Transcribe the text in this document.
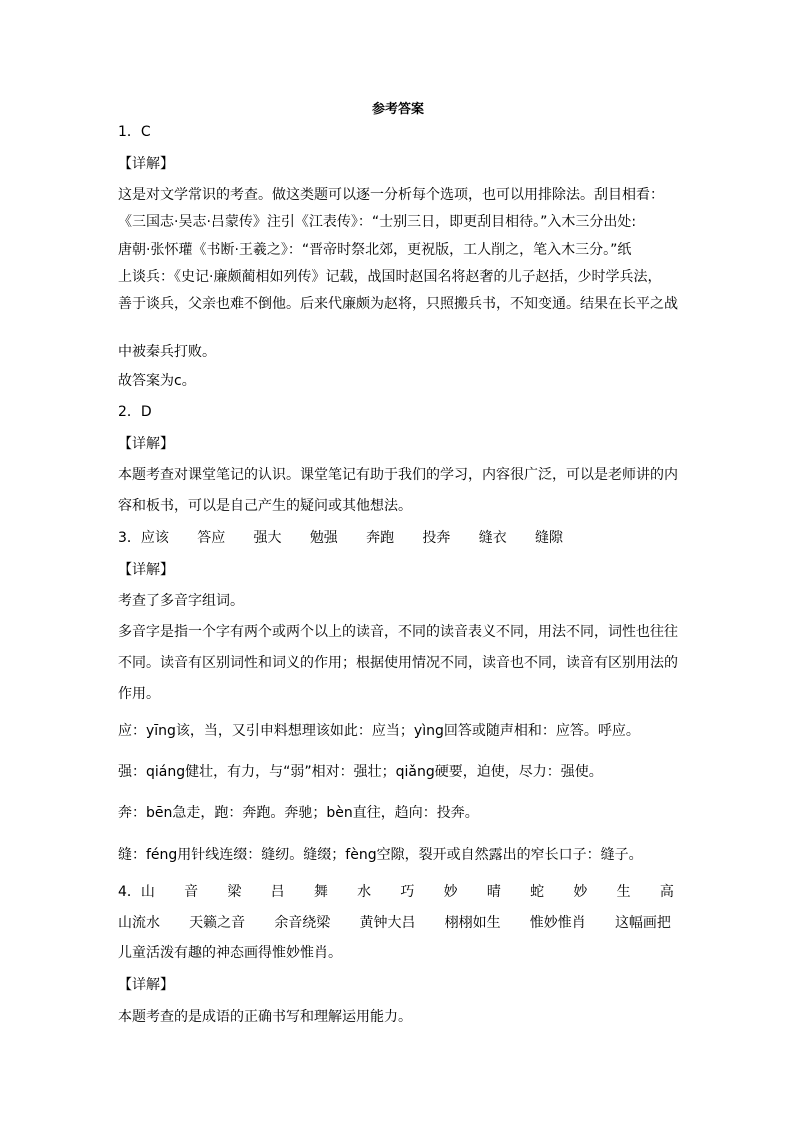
参考答案
1．C
【详解】
这是对文学常识的考查。做这类题可以逐一分析每个选项，也可以用排除法。刮目相看：
《三国志·吴志·吕蒙传》注引《江表传》：“士别三日，即更刮目相待。”入木三分出处:
唐朝·张怀瓘《书断·王羲之》：“晋帝时祭北郊，更祝版，工人削之，笔入木三分。”纸
上谈兵：《史记·廉颇蔺相如列传》记载，战国时赵国名将赵奢的儿子赵括，少时学兵法，
善于谈兵，父亲也难不倒他。后来代廉颇为赵将，只照搬兵书，不知变通。结果在长平之战
中被秦兵打败。
故答案为c。
2．D
【详解】
本题考查对课堂笔记的认识。课堂笔记有助于我们的学习，内容很广泛，可以是老师讲的内
容和板书，可以是自己产生的疑问或其他想法。
3．应该 答应 强大 勉强 奔跑 投奔 缝衣 缝隙
【详解】
考查了多音字组词。
多音字是指一个字有两个或两个以上的读音，不同的读音表义不同，用法不同，词性也往往
不同。读音有区别词性和词义的作用；根据使用情况不同，读音也不同，读音有区别用法的
作用。
应：yīng该，当，又引申料想理该如此：应当；yìng回答或随声相和：应答。呼应。
强：qiáng健壮，有力，与“弱”相对：强壮；qiǎng硬要，迫使，尽力：强使。
奔：bēn急走，跑：奔跑。奔驰；bèn直往，趋向：投奔。
缝：féng用针线连缀：缝纫。缝缀；fèng空隙，裂开或自然露出的窄长口子：缝子。
4．山 音 梁 吕 舞 水 巧 妙 晴 蛇 妙 生 高
山流水 天籁之音 余音绕梁 黄钟大吕 栩栩如生 惟妙惟肖 这幅画把
儿童活泼有趣的神态画得惟妙惟肖。
【详解】
本题考查的是成语的正确书写和理解运用能力。
